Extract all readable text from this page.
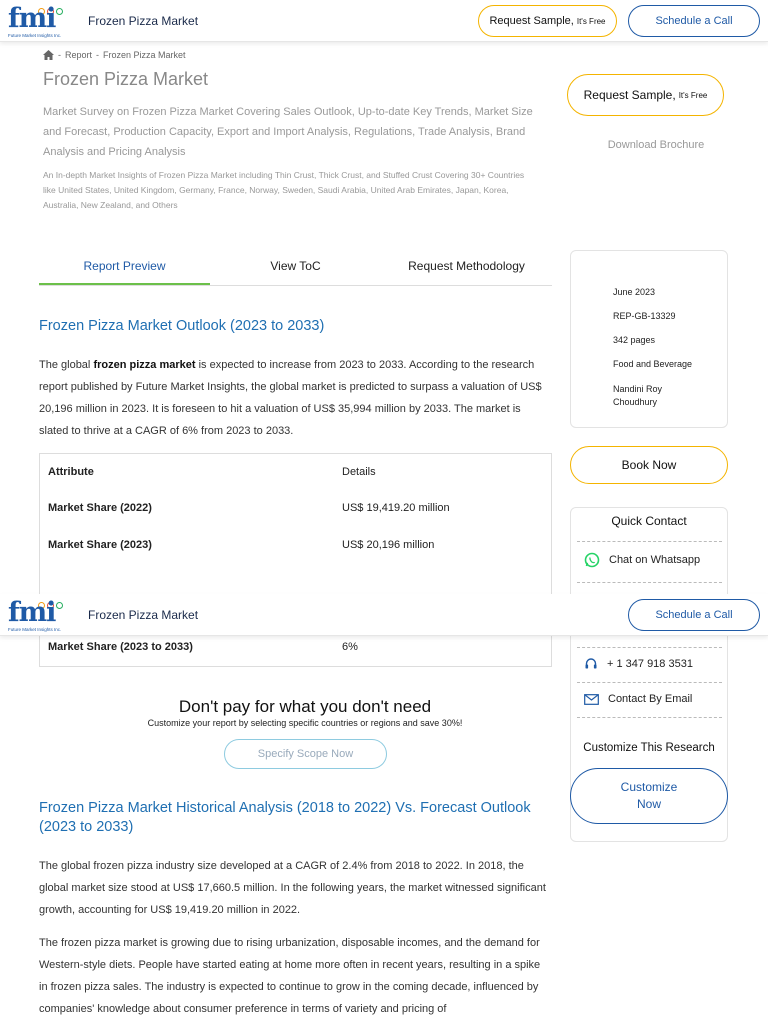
fmi
Future Market Insights Inc.
Frozen Pizza Market	Request Sample, It's Free	Schedule a Call
- Report - Frozen Pizza Market
Frozen Pizza Market
Market Survey on Frozen Pizza Market Covering Sales Outlook, Up-to-date Key Trends, Market Size and Forecast, Production Capacity, Export and Import Analysis, Regulations, Trade Analysis, Brand Analysis and Pricing Analysis
An In-depth Market Insights of Frozen Pizza Market including Thin Crust, Thick Crust, and Stuffed Crust Covering 30+ Countries like United States, United Kingdom, Germany, France, Norway, Sweden, Saudi Arabia, United Arab Emirates, Japan, Korea, Australia, New Zealand, and Others
Report Preview	View ToC	Request Methodology
Frozen Pizza Market Outlook (2023 to 2033)
The global frozen pizza market is expected to increase from 2023 to 2033. According to the research report published by Future Market Insights, the global market is predicted to surpass a valuation of US$ 20,196 million in 2023. It is foreseen to hit a valuation of US$ 35,994 million by 2033. The market is slated to thrive at a CAGR of 6% from 2023 to 2033.
Attribute	Details
Market Share (2022)	US$ 19,419.20 million
Market Share (2023)	US$ 20,196 million
Market Share (2023 to 2033)	6%
Don't pay for what you don't need
Customize your report by selecting specific countries or regions and save 30%!
Specify Scope Now
Frozen Pizza Market Historical Analysis (2018 to 2022) Vs. Forecast Outlook (2023 to 2033)
The global frozen pizza industry size developed at a CAGR of 2.4% from 2018 to 2022. In 2018, the global market size stood at US$ 17,660.5 million. In the following years, the market witnessed significant growth, accounting for US$ 19,419.20 million in 2022.
The frozen pizza market is growing due to rising urbanization, disposable incomes, and the demand for Western-style diets. People have started eating at home more often in recent years, resulting in a spike in frozen pizza sales. The industry is expected to continue to grow in the coming decade, influenced by companies' knowledge about consumer preference in terms of variety and pricing of
Request Sample, It's Free
Download Brochure
June 2023
REP-GB-13329
342 pages
Food and Beverage
Nandini Roy Choudhury
Book Now
Quick Contact
Chat on Whatsapp
+ 1 347 918 3531
Contact By Email
Customize This Research
Customize Now
fmi
Future Market Insights Inc.
Frozen Pizza Market	Schedule a Call
